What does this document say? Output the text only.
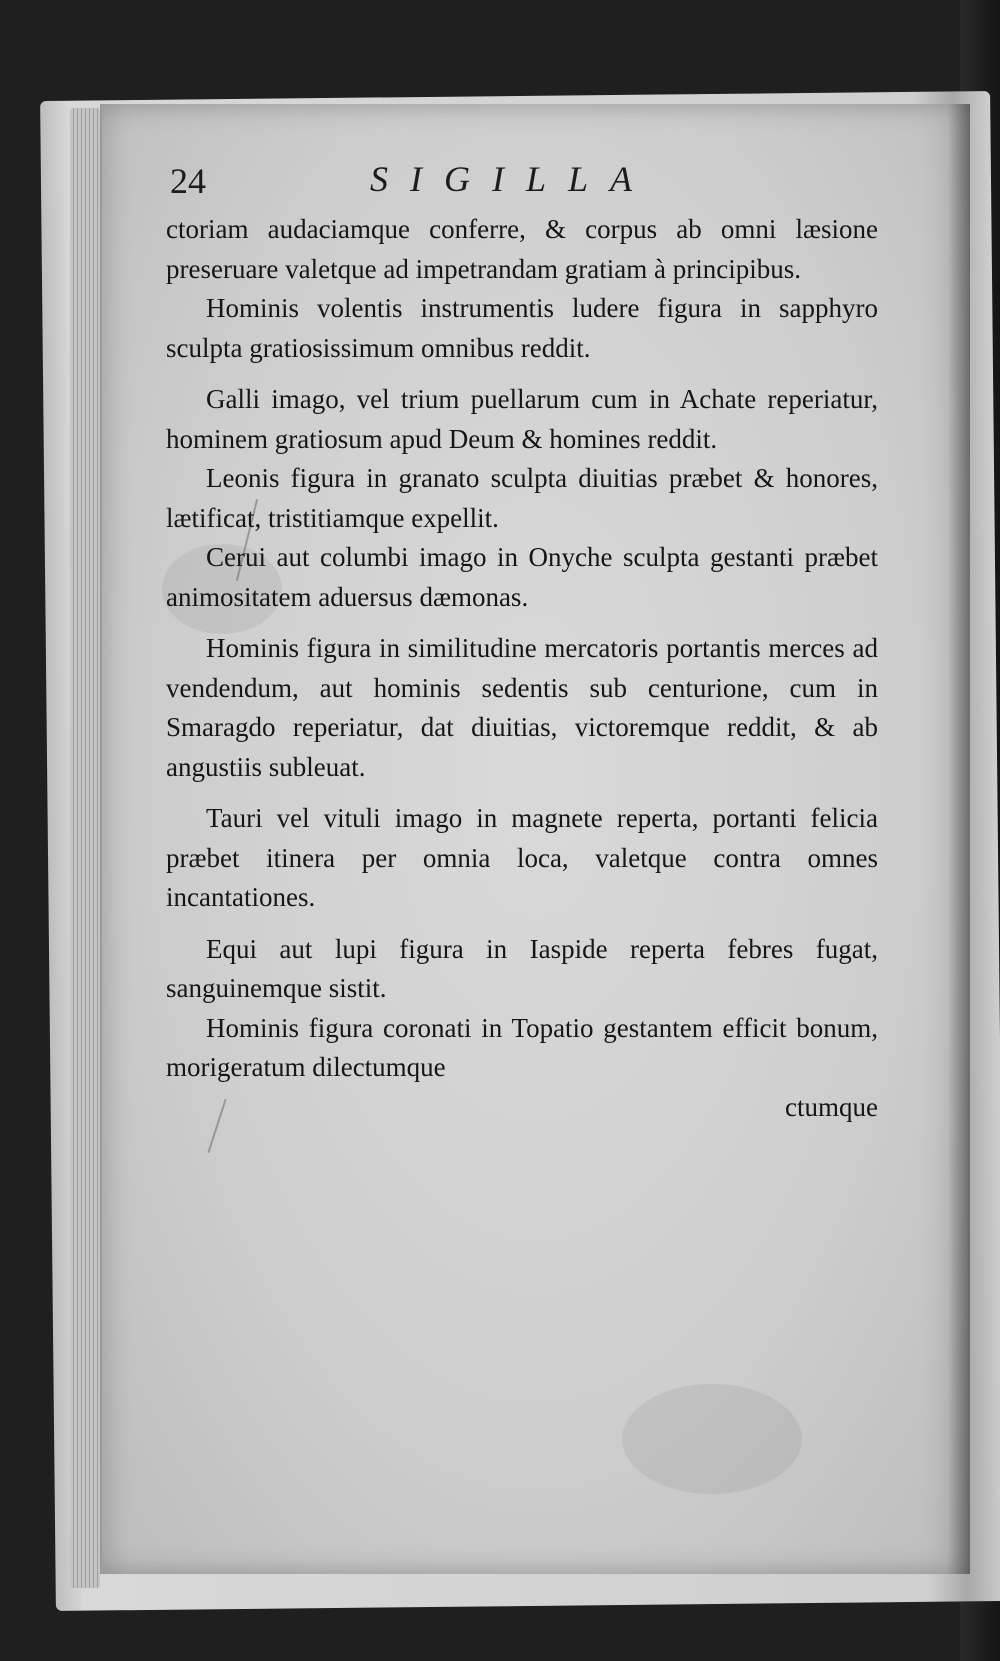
24	SIGILLA

ctoriam audaciamque conferre, & corpus ab omni læsione preseruare valetque ad impetrandam gratiam à principibus.

Hominis volentis instrumentis ludere figura in sapphyro sculpta gratiosissimum omnibus reddit.

Galli imago, vel trium puellarum cum in Achate reperiatur, hominem gratiosum apud Deum & homines reddit.

Leonis figura in granato sculpta diuitias præbet & honores, lætificat, tristitiamque expellit.

Cerui aut columbi imago in Onyche sculpta gestanti præbet animositatem aduersus dæmonas.

Hominis figura in similitudine mercatoris portantis merces ad vendendum, aut hominis sedentis sub centurione, cum in Smaragdo reperiatur, dat diuitias, victoremque reddit, & ab angustiis subleuat.

Tauri vel vituli imago in magnete reperta, portanti felicia præbet itinera per omnia loca, valetque contra omnes incantationes.

Equi aut lupi figura in Iaspide reperta febres fugat, sanguinemque sistit.

Hominis figura coronati in Topatio gestantem efficit bonum, morigeratum dilectumque

ctumque
